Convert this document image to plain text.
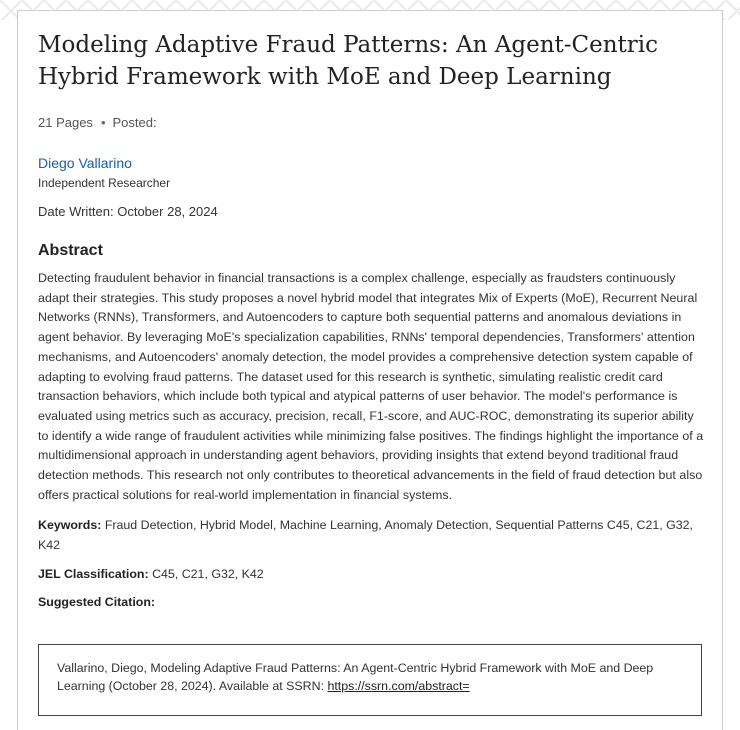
Modeling Adaptive Fraud Patterns: An Agent-Centric Hybrid Framework with MoE and Deep Learning
21 Pages • Posted:
Diego Vallarino
Independent Researcher
Date Written: October 28, 2024
Abstract
Detecting fraudulent behavior in financial transactions is a complex challenge, especially as fraudsters continuously adapt their strategies. This study proposes a novel hybrid model that integrates Mix of Experts (MoE), Recurrent Neural Networks (RNNs), Transformers, and Autoencoders to capture both sequential patterns and anomalous deviations in agent behavior. By leveraging MoE's specialization capabilities, RNNs' temporal dependencies, Transformers' attention mechanisms, and Autoencoders' anomaly detection, the model provides a comprehensive detection system capable of adapting to evolving fraud patterns. The dataset used for this research is synthetic, simulating realistic credit card transaction behaviors, which include both typical and atypical patterns of user behavior. The model's performance is evaluated using metrics such as accuracy, precision, recall, F1-score, and AUC-ROC, demonstrating its superior ability to identify a wide range of fraudulent activities while minimizing false positives. The findings highlight the importance of a multidimensional approach in understanding agent behaviors, providing insights that extend beyond traditional fraud detection methods. This research not only contributes to theoretical advancements in the field of fraud detection but also offers practical solutions for real-world implementation in financial systems.
Keywords: Fraud Detection, Hybrid Model, Machine Learning, Anomaly Detection, Sequential Patterns C45, C21, G32, K42
JEL Classification: C45, C21, G32, K42
Suggested Citation:
Vallarino, Diego, Modeling Adaptive Fraud Patterns: An Agent-Centric Hybrid Framework with MoE and Deep Learning (October 28, 2024). Available at SSRN: https://ssrn.com/abstract=
